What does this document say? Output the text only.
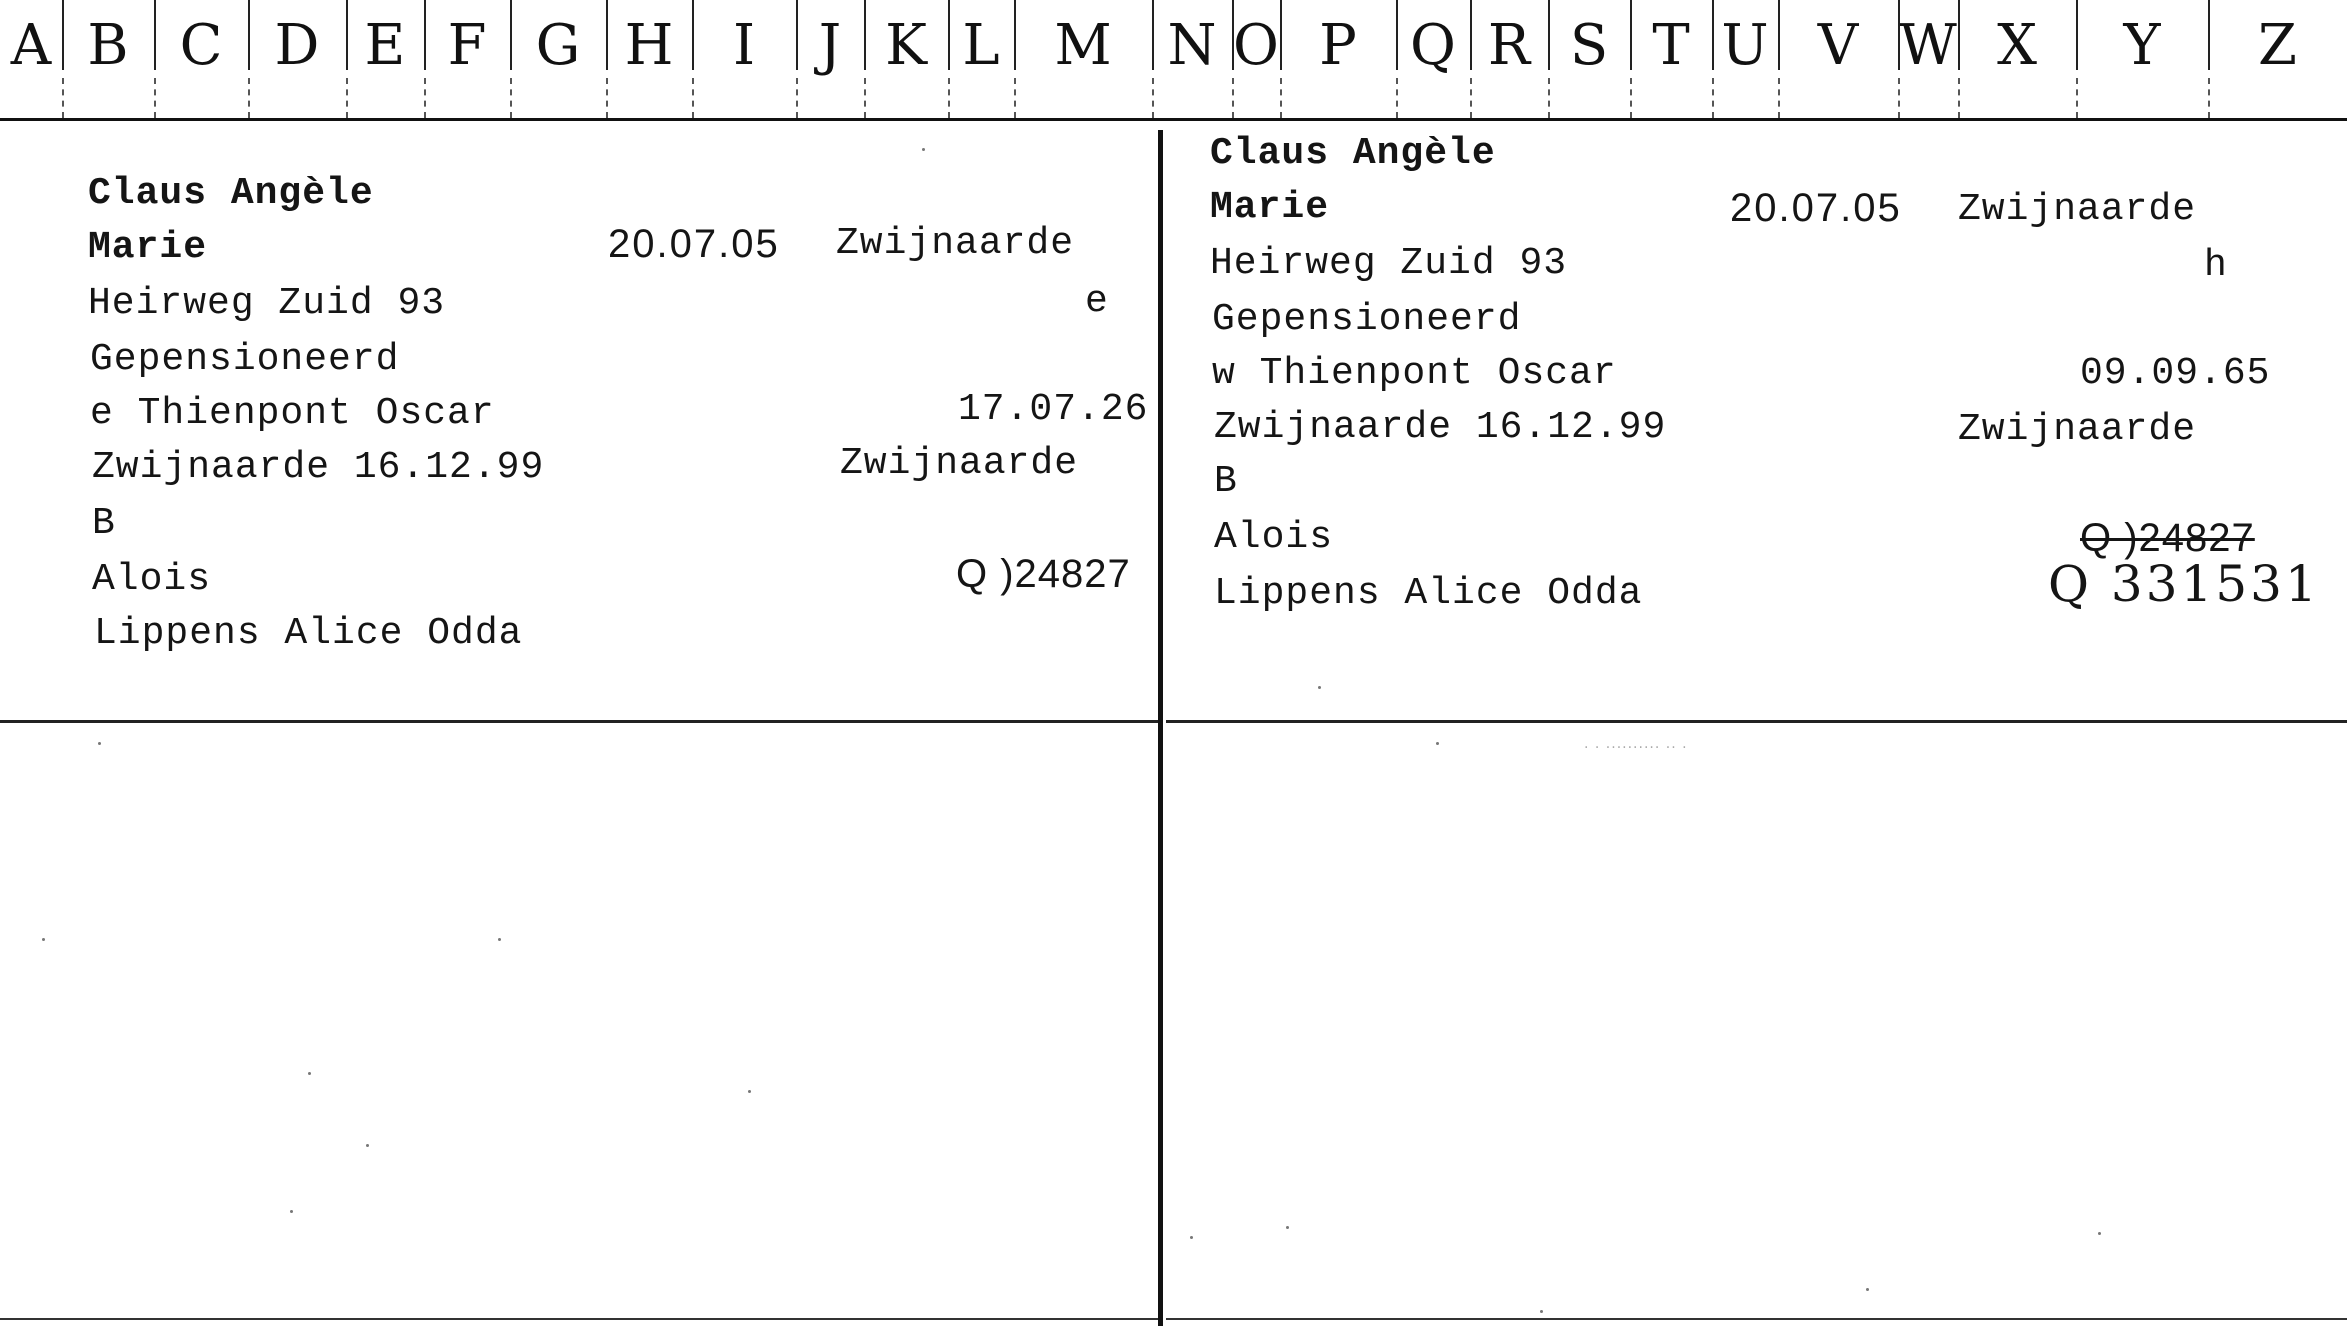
A B C D E F G H I J K L M N O P Q R S T U V W X Y Z
Claus Angèle
Marie	20.07.05 Zwijnaarde
Heirweg Zuid 93	e
Gepensioneerd
e Thienpont Oscar	17.07.26
Zwijnaarde 16.12.99	Zwijnaarde
B
Alois	Q )24827
Lippens Alice Odda
Claus Angèle
Marie	20.07.05 Zwijnaarde
Heirweg Zuid 93	h
Gepensioneerd
w Thienpont Oscar	09.09.65
Zwijnaarde 16.12.99	Zwijnaarde
B
Alois	Q )24827
Q 331531
Lippens Alice Odda
· · ·········· ·· ·
